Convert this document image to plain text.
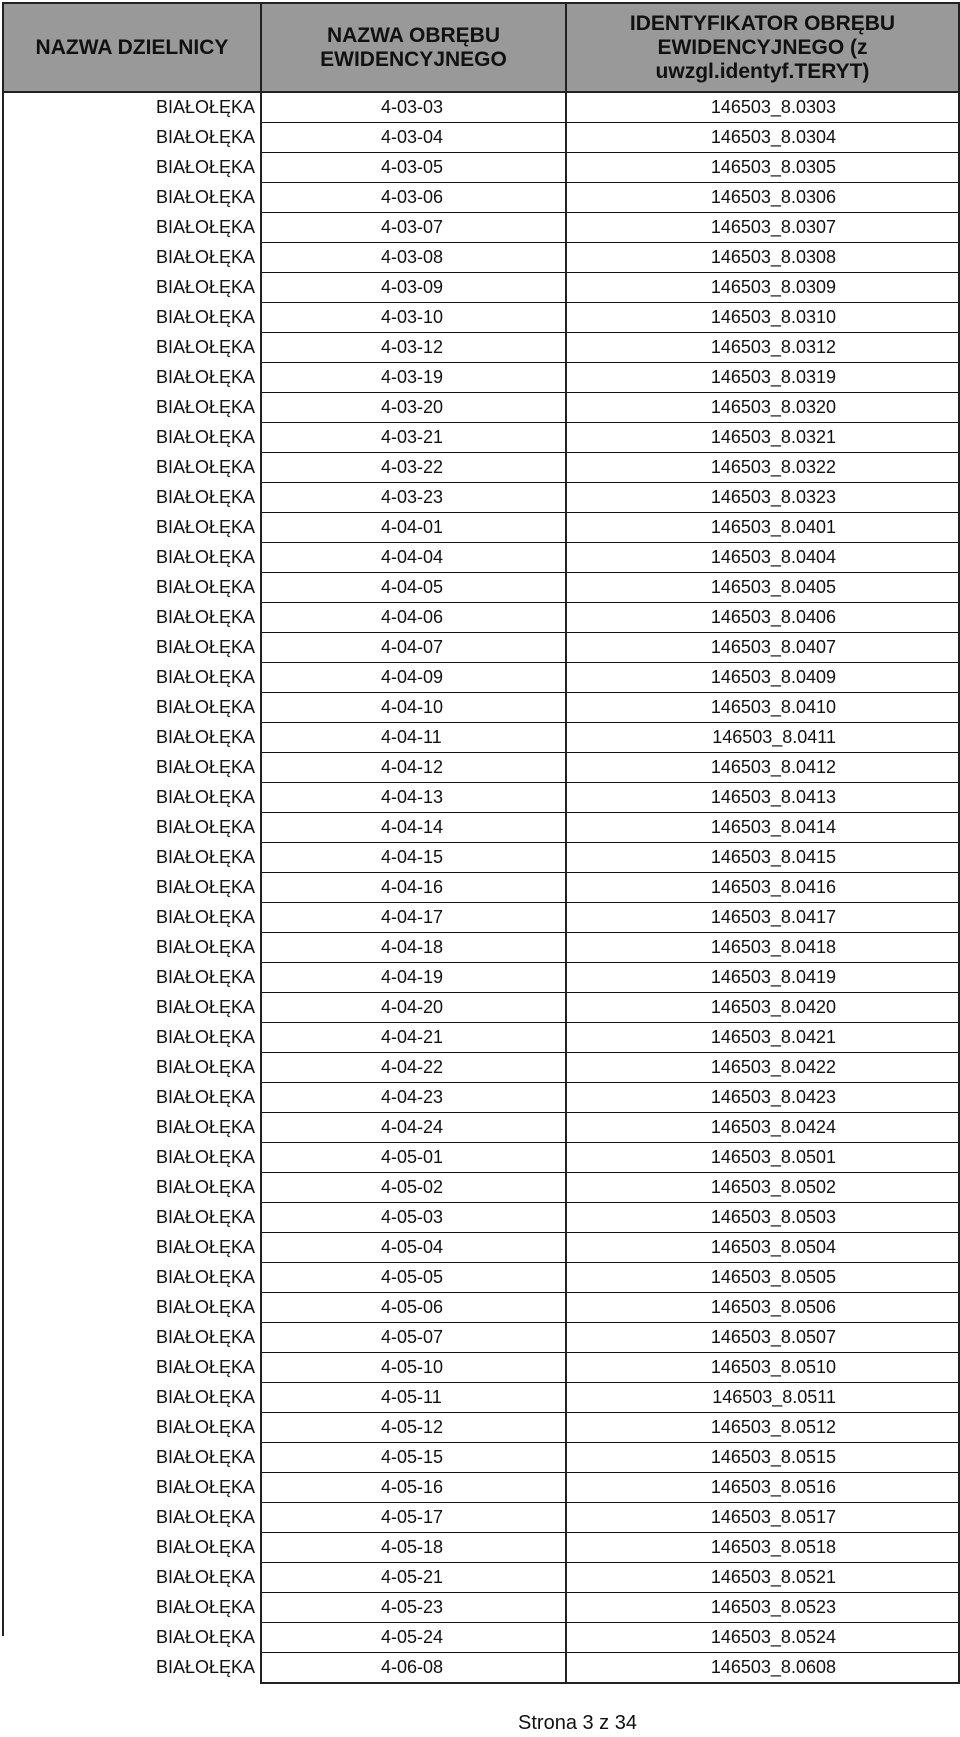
NAZWA DZIELNICY	NAZWA OBRĘBU EWIDENCYJNEGO	IDENTYFIKATOR OBRĘBU EWIDENCYJNEGO (z uwzgl.identyf.TERYT)
BIAŁOŁĘKA	4-03-03	146503_8.0303
BIAŁOŁĘKA	4-03-04	146503_8.0304
BIAŁOŁĘKA	4-03-05	146503_8.0305
BIAŁOŁĘKA	4-03-06	146503_8.0306
BIAŁOŁĘKA	4-03-07	146503_8.0307
BIAŁOŁĘKA	4-03-08	146503_8.0308
BIAŁOŁĘKA	4-03-09	146503_8.0309
BIAŁOŁĘKA	4-03-10	146503_8.0310
BIAŁOŁĘKA	4-03-12	146503_8.0312
BIAŁOŁĘKA	4-03-19	146503_8.0319
BIAŁOŁĘKA	4-03-20	146503_8.0320
BIAŁOŁĘKA	4-03-21	146503_8.0321
BIAŁOŁĘKA	4-03-22	146503_8.0322
BIAŁOŁĘKA	4-03-23	146503_8.0323
BIAŁOŁĘKA	4-04-01	146503_8.0401
BIAŁOŁĘKA	4-04-04	146503_8.0404
BIAŁOŁĘKA	4-04-05	146503_8.0405
BIAŁOŁĘKA	4-04-06	146503_8.0406
BIAŁOŁĘKA	4-04-07	146503_8.0407
BIAŁOŁĘKA	4-04-09	146503_8.0409
BIAŁOŁĘKA	4-04-10	146503_8.0410
BIAŁOŁĘKA	4-04-11	146503_8.0411
BIAŁOŁĘKA	4-04-12	146503_8.0412
BIAŁOŁĘKA	4-04-13	146503_8.0413
BIAŁOŁĘKA	4-04-14	146503_8.0414
BIAŁOŁĘKA	4-04-15	146503_8.0415
BIAŁOŁĘKA	4-04-16	146503_8.0416
BIAŁOŁĘKA	4-04-17	146503_8.0417
BIAŁOŁĘKA	4-04-18	146503_8.0418
BIAŁOŁĘKA	4-04-19	146503_8.0419
BIAŁOŁĘKA	4-04-20	146503_8.0420
BIAŁOŁĘKA	4-04-21	146503_8.0421
BIAŁOŁĘKA	4-04-22	146503_8.0422
BIAŁOŁĘKA	4-04-23	146503_8.0423
BIAŁOŁĘKA	4-04-24	146503_8.0424
BIAŁOŁĘKA	4-05-01	146503_8.0501
BIAŁOŁĘKA	4-05-02	146503_8.0502
BIAŁOŁĘKA	4-05-03	146503_8.0503
BIAŁOŁĘKA	4-05-04	146503_8.0504
BIAŁOŁĘKA	4-05-05	146503_8.0505
BIAŁOŁĘKA	4-05-06	146503_8.0506
BIAŁOŁĘKA	4-05-07	146503_8.0507
BIAŁOŁĘKA	4-05-10	146503_8.0510
BIAŁOŁĘKA	4-05-11	146503_8.0511
BIAŁOŁĘKA	4-05-12	146503_8.0512
BIAŁOŁĘKA	4-05-15	146503_8.0515
BIAŁOŁĘKA	4-05-16	146503_8.0516
BIAŁOŁĘKA	4-05-17	146503_8.0517
BIAŁOŁĘKA	4-05-18	146503_8.0518
BIAŁOŁĘKA	4-05-21	146503_8.0521
BIAŁOŁĘKA	4-05-23	146503_8.0523
BIAŁOŁĘKA	4-05-24	146503_8.0524
BIAŁOŁĘKA	4-06-08	146503_8.0608
Strona 3 z 34
